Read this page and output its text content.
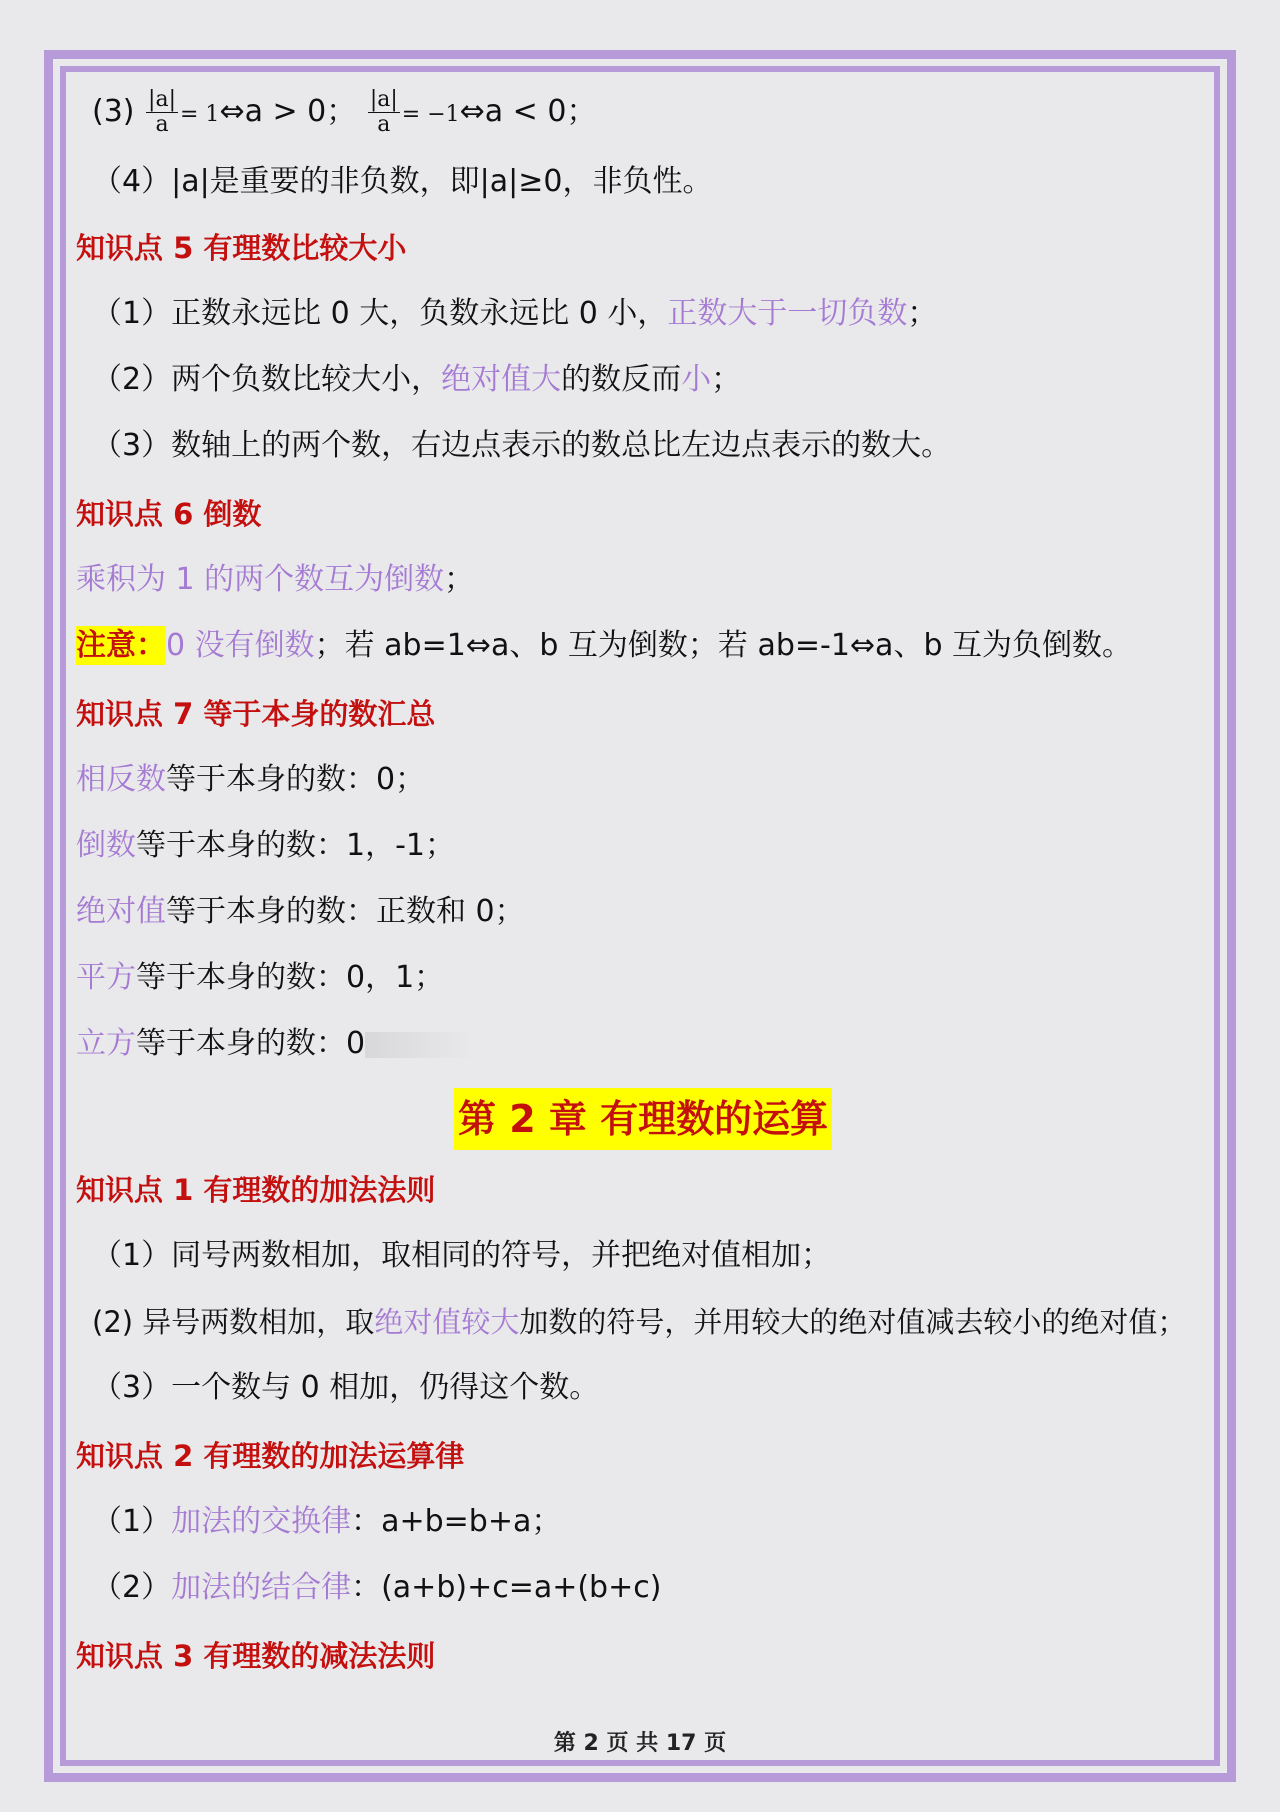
$(3) \frac{|a|}{a}$ = 1⇔a > 0； $\frac{|a|}{a}$ = −1⇔a < 0；
（4）|a|是重要的非负数，即|a|≥0，非负性。
知识点 5 有理数比较大小
（1）正数永远比 0 大，负数永远比 0 小，正数大于一切负数；
（2）两个负数比较大小，绝对值大的数反而小；
（3）数轴上的两个数，右边点表示的数总比左边点表示的数大。
知识点 6 倒数
乘积为 1 的两个数互为倒数；
注意：0 没有倒数；若 ab=1⇔a、b 互为倒数；若 ab=-1⇔a、b 互为负倒数。
知识点 7 等于本身的数汇总
相反数等于本身的数：0；
倒数等于本身的数：1，-1；
绝对值等于本身的数：正数和 0；
平方等于本身的数：0，1；
立方等于本身的数：0
第 2 章 有理数的运算
知识点 1 有理数的加法法则
（1）同号两数相加，取相同的符号，并把绝对值相加；
(2) 异号两数相加，取绝对值较大加数的符号，并用较大的绝对值减去较小的绝对值；
（3）一个数与 0 相加，仍得这个数。
知识点 2 有理数的加法运算律
（1）加法的交换律：a+b=b+a；
（2）加法的结合律：(a+b)+c=a+(b+c)
知识点 3 有理数的减法法则
第 2 页 共 17 页
